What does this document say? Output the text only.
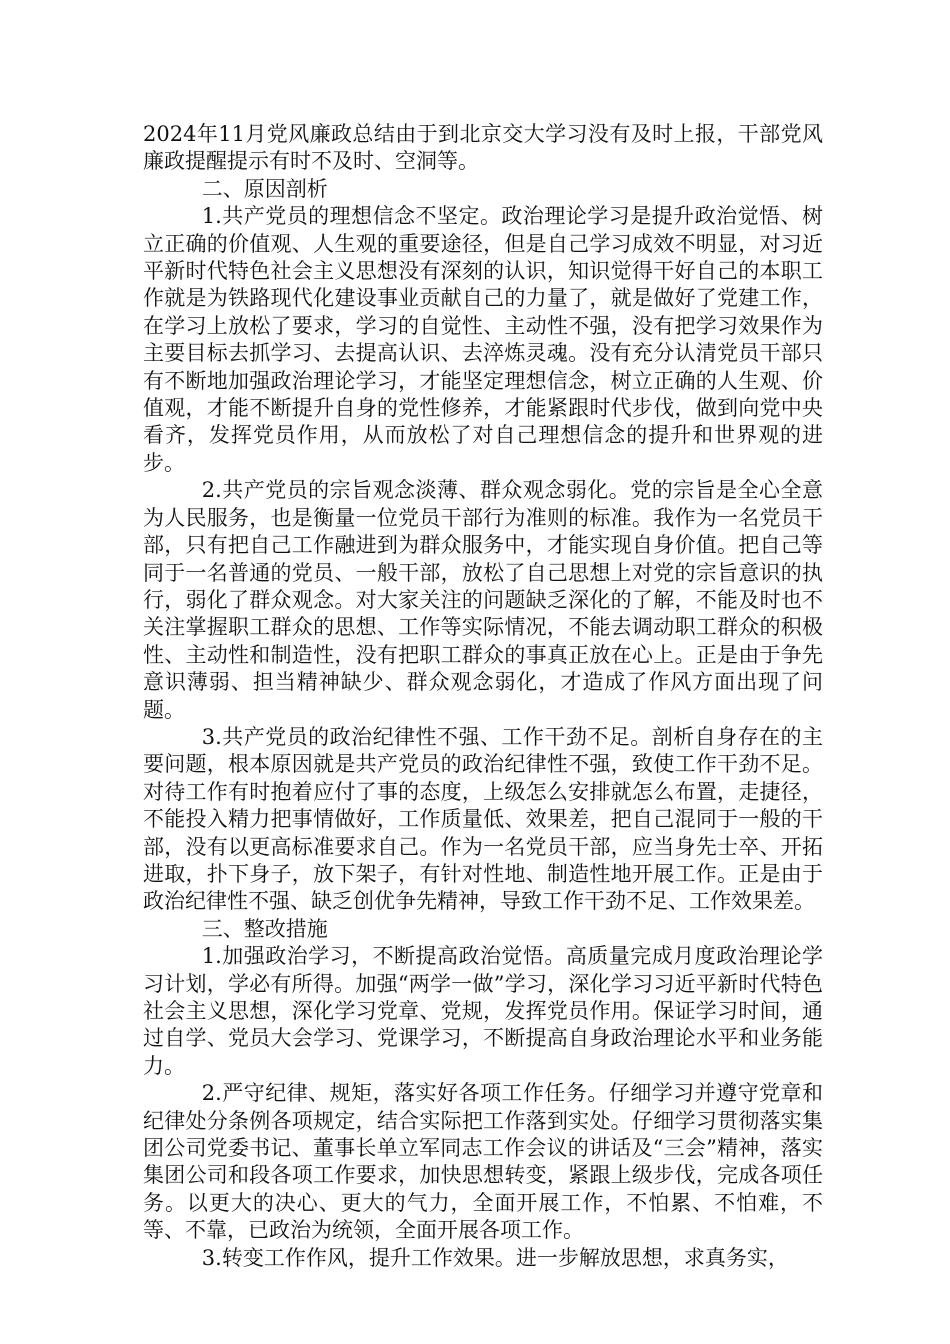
2024年11月党风廉政总结由于到北京交大学习没有及时上报，干部党风廉政提醒提示有时不及时、空洞等。

二、原因剖析

1.共产党员的理想信念不坚定。政治理论学习是提升政治觉悟、树立正确的价值观、人生观的重要途径，但是自己学习成效不明显，对习近平新时代特色社会主义思想没有深刻的认识，知识觉得干好自己的本职工作就是为铁路现代化建设事业贡献自己的力量了，就是做好了党建工作，在学习上放松了要求，学习的自觉性、主动性不强，没有把学习效果作为主要目标去抓学习、去提高认识、去淬炼灵魂。没有充分认清党员干部只有不断地加强政治理论学习，才能坚定理想信念，树立正确的人生观、价值观，才能不断提升自身的党性修养，才能紧跟时代步伐，做到向党中央看齐，发挥党员作用，从而放松了对自己理想信念的提升和世界观的进步。

2.共产党员的宗旨观念淡薄、群众观念弱化。党的宗旨是全心全意为人民服务，也是衡量一位党员干部行为准则的标准。我作为一名党员干部，只有把自己工作融进到为群众服务中，才能实现自身价值。把自己等同于一名普通的党员、一般干部，放松了自己思想上对党的宗旨意识的执行，弱化了群众观念。对大家关注的问题缺乏深化的了解，不能及时也不关注掌握职工群众的思想、工作等实际情况，不能去调动职工群众的积极性、主动性和制造性，没有把职工群众的事真正放在心上。正是由于争先意识薄弱、担当精神缺少、群众观念弱化，才造成了作风方面出现了问题。

3.共产党员的政治纪律性不强、工作干劲不足。剖析自身存在的主要问题，根本原因就是共产党员的政治纪律性不强，致使工作干劲不足。对待工作有时抱着应付了事的态度，上级怎么安排就怎么布置，走捷径，不能投入精力把事情做好，工作质量低、效果差，把自己混同于一般的干部，没有以更高标准要求自己。作为一名党员干部，应当身先士卒、开拓进取，扑下身子，放下架子，有针对性地、制造性地开展工作。正是由于政治纪律性不强、缺乏创优争先精神，导致工作干劲不足、工作效果差。

三、整改措施

1.加强政治学习，不断提高政治觉悟。高质量完成月度政治理论学习计划，学必有所得。加强“两学一做”学习，深化学习习近平新时代特色社会主义思想，深化学习党章、党规，发挥党员作用。保证学习时间，通过自学、党员大会学习、党课学习，不断提高自身政治理论水平和业务能力。

2.严守纪律、规矩，落实好各项工作任务。仔细学习并遵守党章和纪律处分条例各项规定，结合实际把工作落到实处。仔细学习贯彻落实集团公司党委书记、董事长单立军同志工作会议的讲话及“三会”精神，落实集团公司和段各项工作要求，加快思想转变，紧跟上级步伐，完成各项任务。以更大的决心、更大的气力，全面开展工作，不怕累、不怕难，不等、不靠，已政治为统领，全面开展各项工作。

3.转变工作作风，提升工作效果。进一步解放思想，求真务实，
